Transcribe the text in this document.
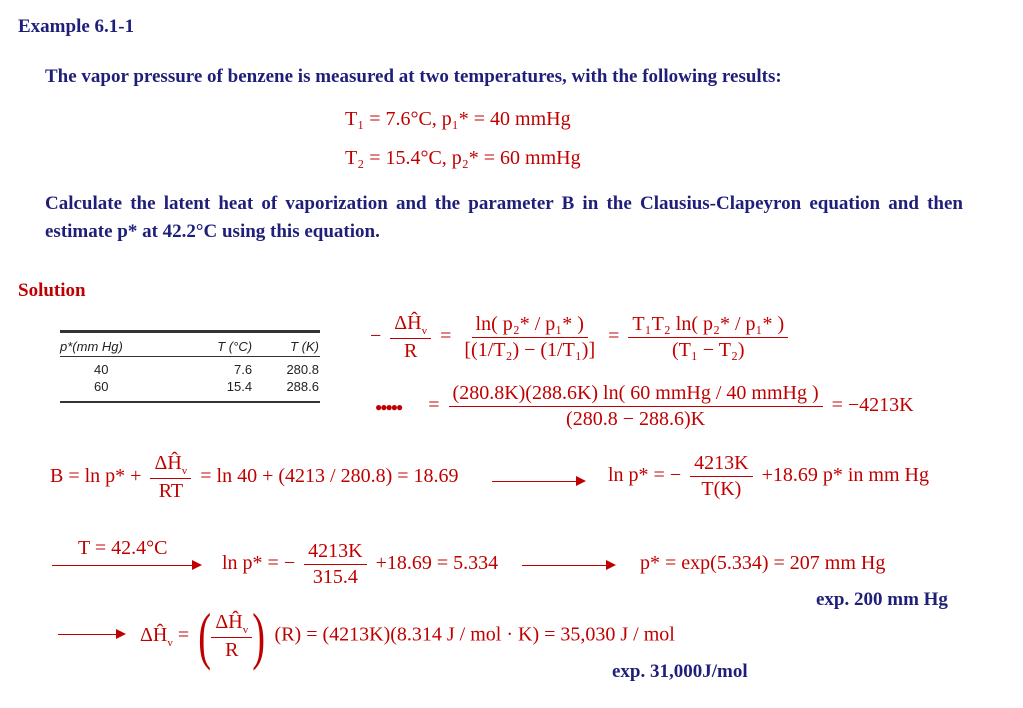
Example 6.1-1
The vapor pressure of benzene is measured at two temperatures, with the following results:
T₁ = 7.6°C, p₁* = 40 mmHg
T₂ = 15.4°C, p₂* = 60 mmHg
Calculate the latent heat of vaporization and the parameter B in the Clausius-Clapeyron equation and then estimate p* at 42.2°C using this equation.
Solution
p*(mm Hg)	T (°C)	T (K)

40	7.6	280.8
60	15.4	288.6
− $\frac{\Delta Ĥ_v}{R} = \frac{\text{ln( p₂* / p₁* )}}{\text{[(1/T₂) − (1/T₁)]}} = \frac{\text{T₁T₂ ln( p₂* / p₁* )}}{\text{(T₁ − T₂)}}$
●●●●● = $\frac{\text{(280.8K)(288.6K) ln( 60 mmHg / 40 mmHg )}}{(280.8 - 288.6)K} = -4213K$
$B = \ln p* + \frac{\Delta Ĥ_v}{RT} = \ln 40 + (4213 / 280.8) = 18.69$	ln p* = − $\frac{4213K}{T(K)} +18.69$ p* in mm Hg
T = 42.4°C
ln p* = − $\frac{4213K}{315.4} +18.69 = 5.334$	p* = exp(5.334) = 207 mm Hg
exp. 200 mm Hg
$\Delta Ĥ_v$ = ( $\frac{\Delta Ĥ_v}{R}$ ) (R) = (4213K)(8.314 J / mol · K) = 35,030 J / mol
exp. 31,000J/mol
